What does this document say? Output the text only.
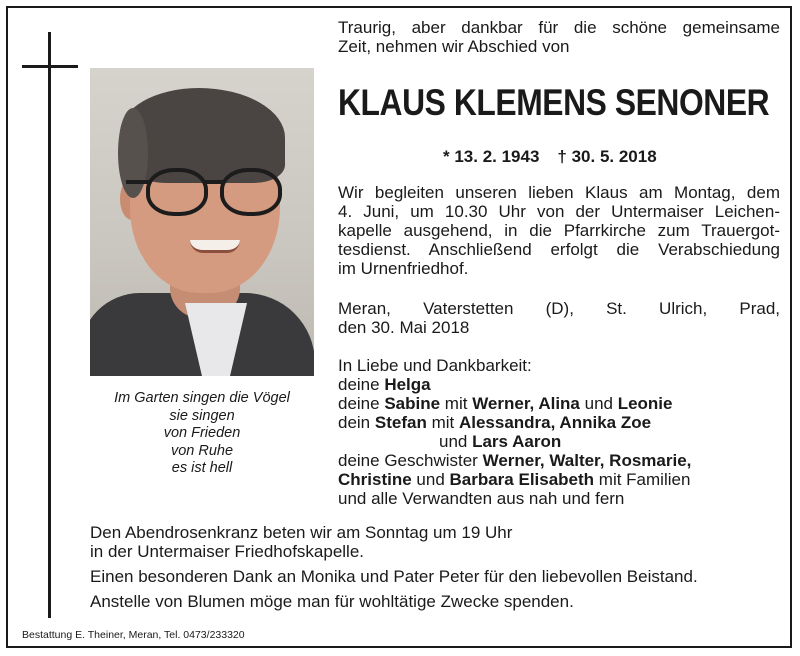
Im Garten singen die Vögel
sie singen
von Frieden
von Ruhe
es ist hell
Traurig, aber dankbar für die schöne gemeinsame
Zeit, nehmen wir Abschied von
KLAUS KLEMENS SENONER
* 13. 2. 1943 † 30. 5. 2018
Wir begleiten unseren lieben Klaus am Montag, dem
4. Juni, um 10.30 Uhr von der Untermaiser Leichen-
kapelle ausgehend, in die Pfarrkirche zum Trauergot-
tesdienst. Anschließend erfolgt die Verabschiedung
im Urnenfriedhof.
Meran, Vaterstetten (D), St. Ulrich, Prad,
den 30. Mai 2018
In Liebe und Dankbarkeit:
deine Helga
deine Sabine mit Werner, Alina und Leonie
dein Stefan mit Alessandra, Annika Zoe
und Lars Aaron
deine Geschwister Werner, Walter, Rosmarie,
Christine und Barbara Elisabeth mit Familien
und alle Verwandten aus nah und fern
Den Abendrosenkranz beten wir am Sonntag um 19 Uhr
in der Untermaiser Friedhofskapelle.
Einen besonderen Dank an Monika und Pater Peter für den liebevollen Beistand.
Anstelle von Blumen möge man für wohltätige Zwecke spenden.
Bestattung E. Theiner, Meran, Tel. 0473/233320
